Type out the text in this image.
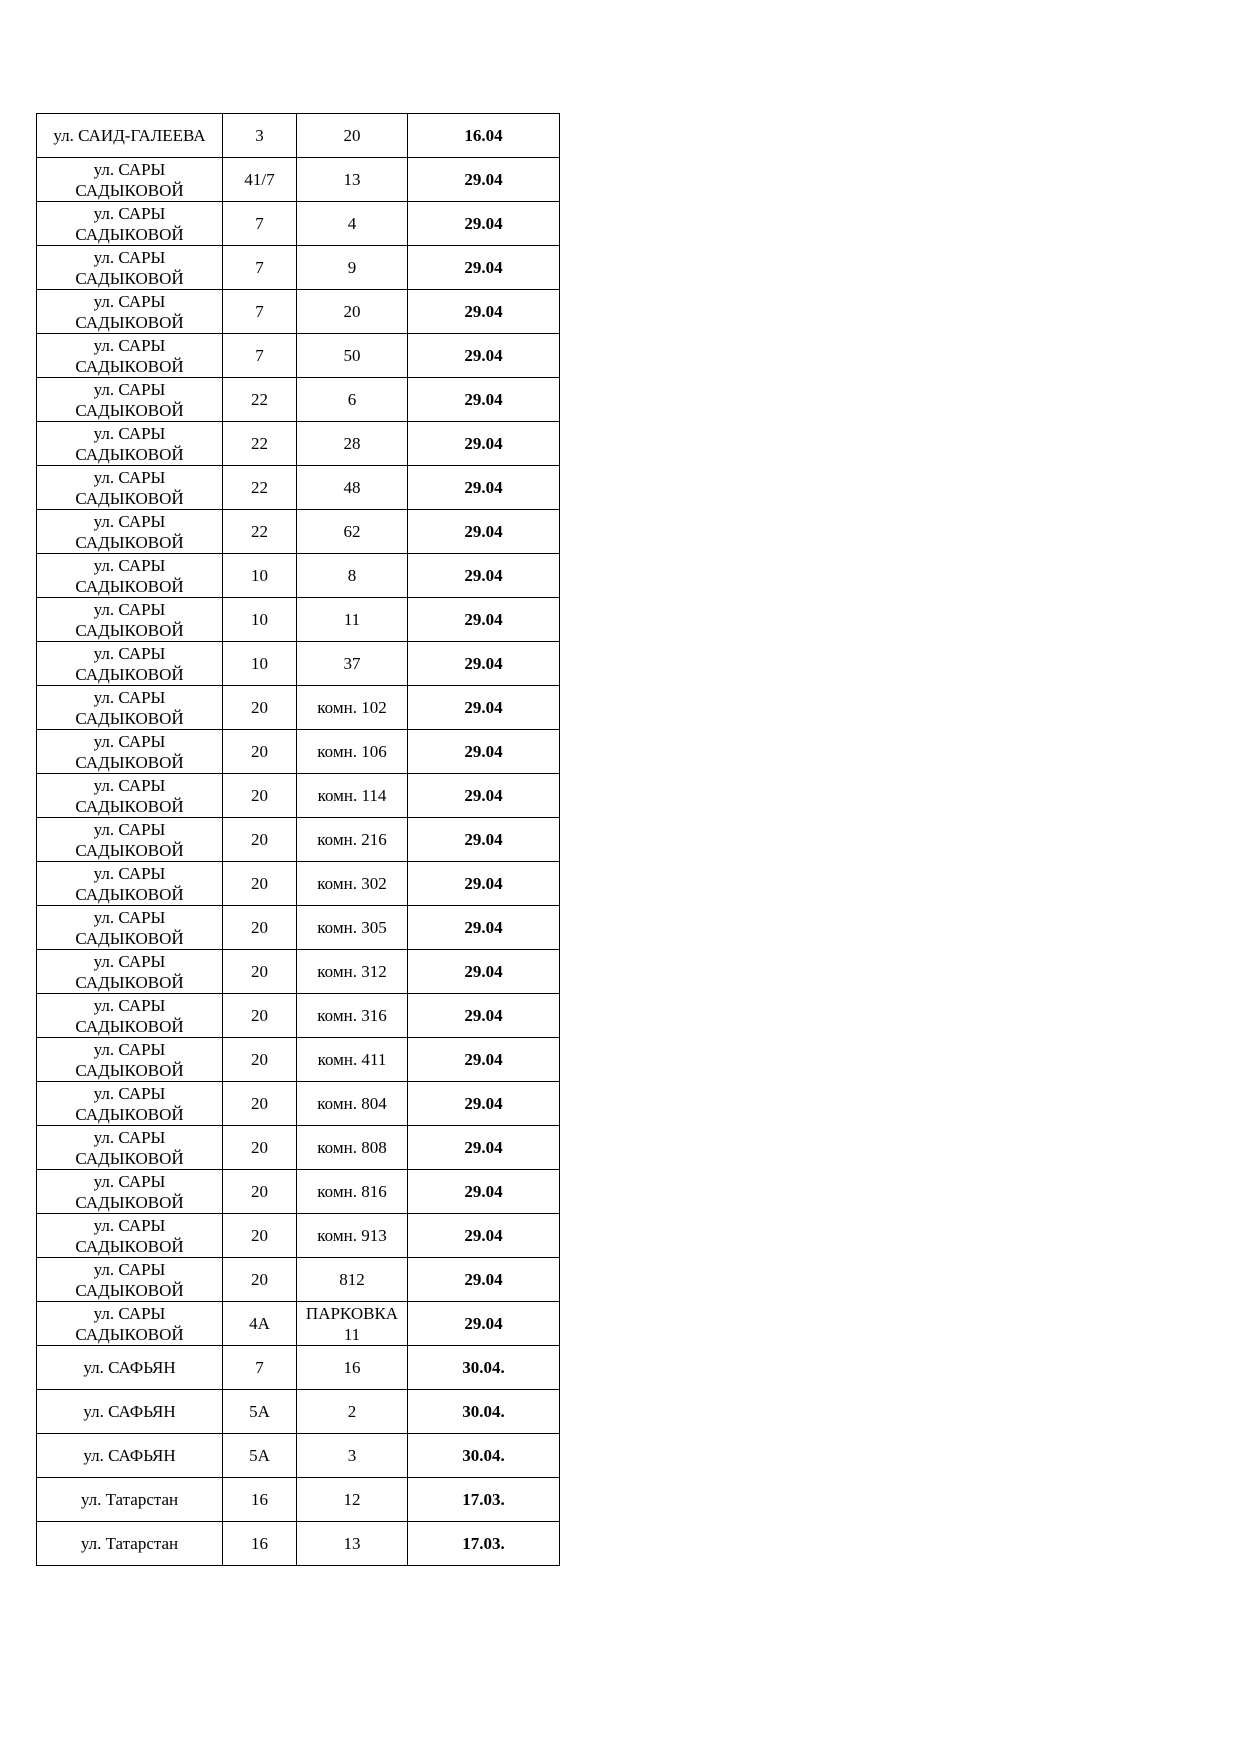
ул. САИД-ГАЛЕЕВА	3	20	16.04
ул. САРЫ САДЫКОВОЙ	41/7	13	29.04
ул. САРЫ САДЫКОВОЙ	7	4	29.04
ул. САРЫ САДЫКОВОЙ	7	9	29.04
ул. САРЫ САДЫКОВОЙ	7	20	29.04
ул. САРЫ САДЫКОВОЙ	7	50	29.04
ул. САРЫ САДЫКОВОЙ	22	6	29.04
ул. САРЫ САДЫКОВОЙ	22	28	29.04
ул. САРЫ САДЫКОВОЙ	22	48	29.04
ул. САРЫ САДЫКОВОЙ	22	62	29.04
ул. САРЫ САДЫКОВОЙ	10	8	29.04
ул. САРЫ САДЫКОВОЙ	10	11	29.04
ул. САРЫ САДЫКОВОЙ	10	37	29.04
ул. САРЫ САДЫКОВОЙ	20	комн. 102	29.04
ул. САРЫ САДЫКОВОЙ	20	комн. 106	29.04
ул. САРЫ САДЫКОВОЙ	20	комн. 114	29.04
ул. САРЫ САДЫКОВОЙ	20	комн. 216	29.04
ул. САРЫ САДЫКОВОЙ	20	комн. 302	29.04
ул. САРЫ САДЫКОВОЙ	20	комн. 305	29.04
ул. САРЫ САДЫКОВОЙ	20	комн. 312	29.04
ул. САРЫ САДЫКОВОЙ	20	комн. 316	29.04
ул. САРЫ САДЫКОВОЙ	20	комн. 411	29.04
ул. САРЫ САДЫКОВОЙ	20	комн. 804	29.04
ул. САРЫ САДЫКОВОЙ	20	комн. 808	29.04
ул. САРЫ САДЫКОВОЙ	20	комн. 816	29.04
ул. САРЫ САДЫКОВОЙ	20	комн. 913	29.04
ул. САРЫ САДЫКОВОЙ	20	812	29.04
ул. САРЫ САДЫКОВОЙ	4А	ПАРКОВКА 11	29.04
ул. САФЬЯН	7	16	30.04.
ул. САФЬЯН	5А	2	30.04.
ул. САФЬЯН	5А	3	30.04.
ул. Татарстан	16	12	17.03.
ул. Татарстан	16	13	17.03.
